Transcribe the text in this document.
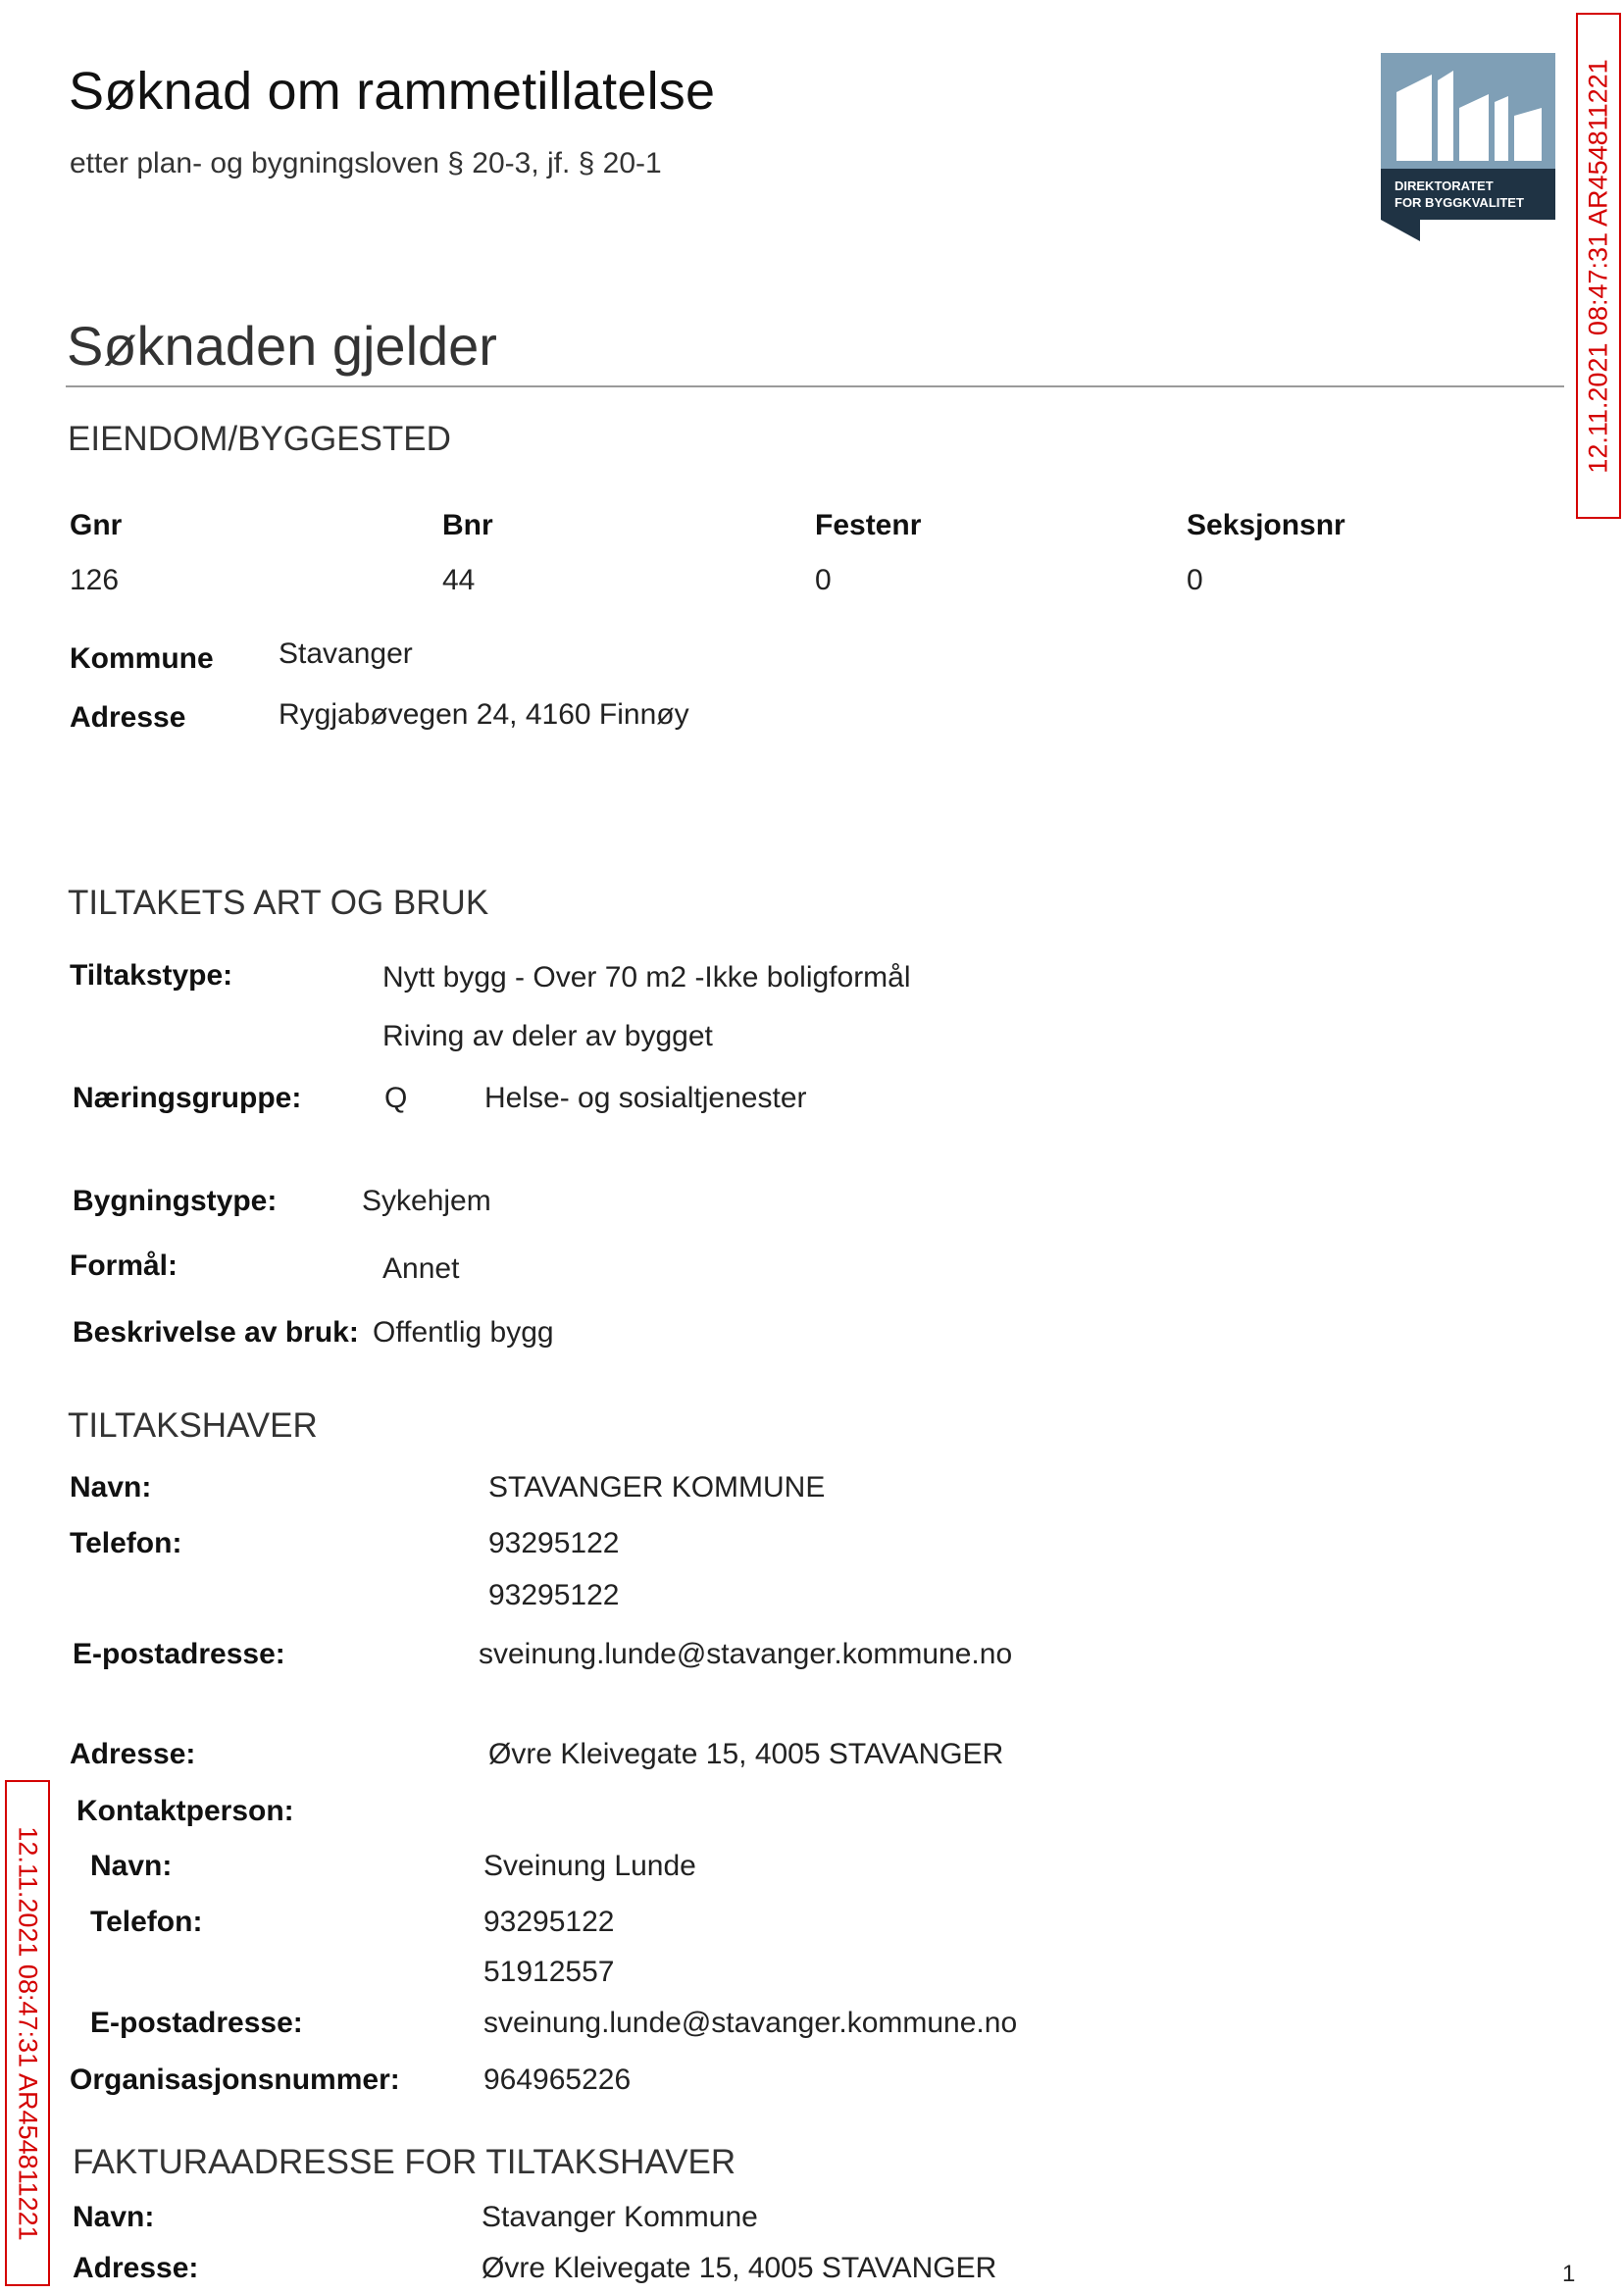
Søknad om rammetillatelse
etter plan- og bygningsloven § 20-3, jf. § 20-1
DIREKTORATET
FOR BYGGKVALITET 12.11.2021 08:47:31 AR454811221
12.11.2021 08:47:31 AR454811221
Søknaden gjelder
EIENDOM/BYGGESTED
Gnr	Bnr	Festenr	Seksjonsnr
126	44	0	0
Kommune Stavanger
Adresse	Rygjabøvegen 24, 4160 Finnøy
TILTAKETS ART OG BRUK
Tiltakstype:	Nytt bygg - Over 70 m2 -Ikke boligformål
Riving av deler av bygget
Næringsgruppe:	Q	Helse- og sosialtjenester
Bygningstype:	Sykehjem
Formål:	Annet
Beskrivelse av bruk: Offentlig bygg
TILTAKSHAVER
Navn:	STAVANGER KOMMUNE
Telefon:	93295122
93295122
E-postadresse:	sveinung.lunde@stavanger.kommune.no
Adresse:	Øvre Kleivegate 15, 4005 STAVANGER
Kontaktperson:
Navn:	Sveinung Lunde
Telefon:	93295122
51912557
E-postadresse:	sveinung.lunde@stavanger.kommune.no
Organisasjonsnummer:	964965226
FAKTURAADRESSE FOR TILTAKSHAVER
Navn:	Stavanger Kommune
Adresse:	Øvre Kleivegate 15, 4005 STAVANGER	1
